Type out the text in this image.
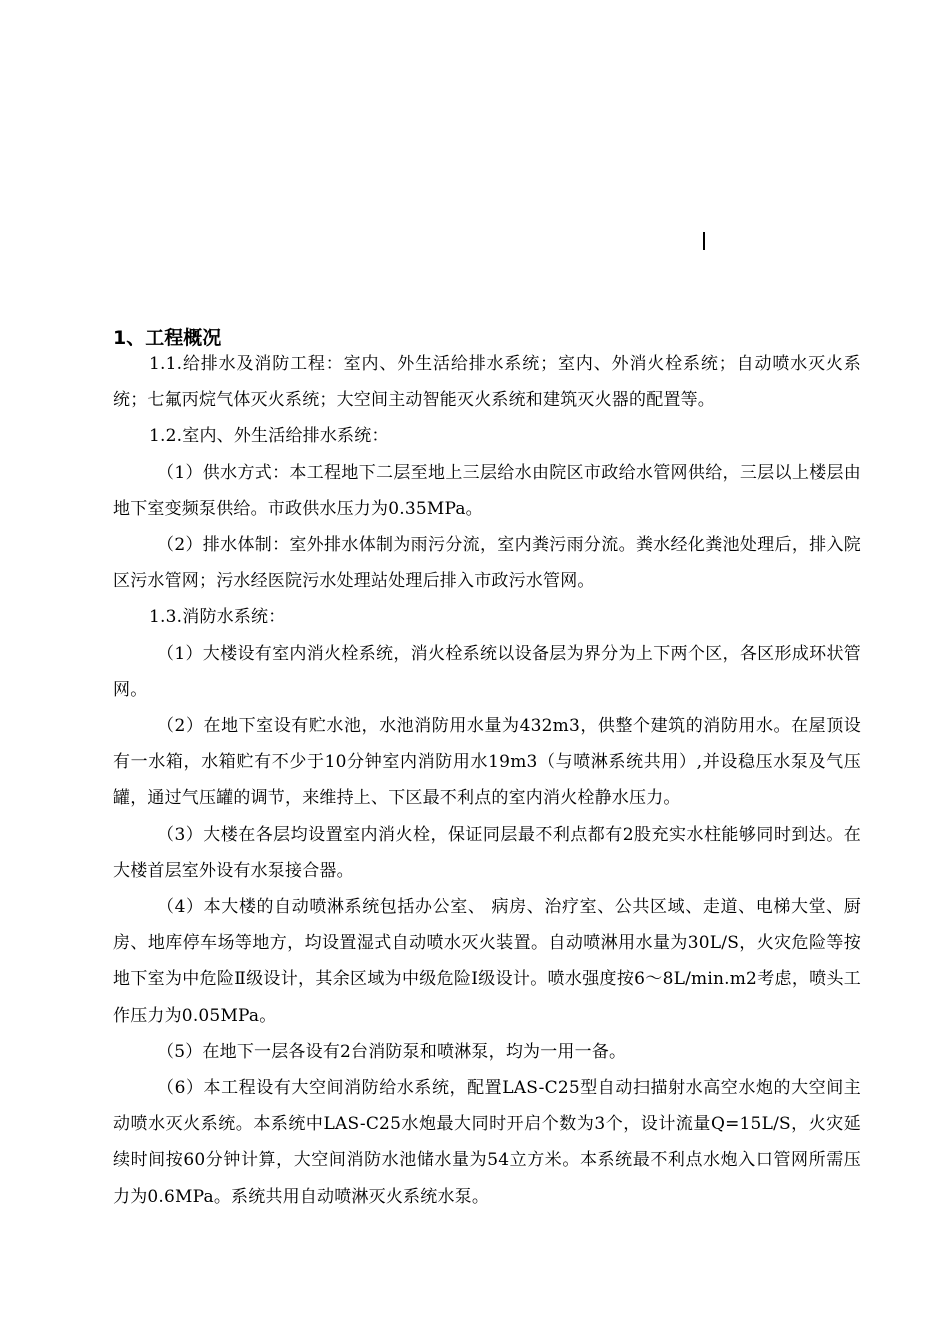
1、工程概况

1.1.给排水及消防工程：室内、外生活给排水系统；室内、外消火栓系统；自动喷水灭火系统；七氟丙烷气体灭火系统；大空间主动智能灭火系统和建筑灭火器的配置等。

1.2.室内、外生活给排水系统：

（1）供水方式：本工程地下二层至地上三层给水由院区市政给水管网供给，三层以上楼层由地下室变频泵供给。市政供水压力为0.35MPa。

（2）排水体制：室外排水体制为雨污分流，室内粪污雨分流。粪水经化粪池处理后，排入院区污水管网；污水经医院污水处理站处理后排入市政污水管网。

1.3.消防水系统：

（1）大楼设有室内消火栓系统，消火栓系统以设备层为界分为上下两个区，各区形成环状管网。

（2）在地下室设有贮水池，水池消防用水量为432m3，供整个建筑的消防用水。在屋顶设有一水箱，水箱贮有不少于10分钟室内消防用水19m3（与喷淋系统共用）,并设稳压水泵及气压罐，通过气压罐的调节，来维持上、下区最不利点的室内消火栓静水压力。

（3）大楼在各层均设置室内消火栓，保证同层最不利点都有2股充实水柱能够同时到达。在大楼首层室外设有水泵接合器。

（4）本大楼的自动喷淋系统包括办公室、 病房、治疗室、公共区域、走道、电梯大堂、厨房、地库停车场等地方，均设置湿式自动喷水灭火装置。自动喷淋用水量为30L/S，火灾危险等按地下室为中危险Ⅱ级设计，其余区域为中级危险Ⅰ级设计。喷水强度按6～8L/min.m2考虑，喷头工作压力为0.05MPa。

（5）在地下一层各设有2台消防泵和喷淋泵，均为一用一备。

（6）本工程设有大空间消防给水系统，配置LAS-C25型自动扫描射水高空水炮的大空间主动喷水灭火系统。本系统中LAS-C25水炮最大同时开启个数为3个，设计流量Q=15L/S，火灾延续时间按60分钟计算，大空间消防水池储水量为54立方米。本系统最不利点水炮入口管网所需压力为0.6MPa。系统共用自动喷淋灭火系统水泵。
